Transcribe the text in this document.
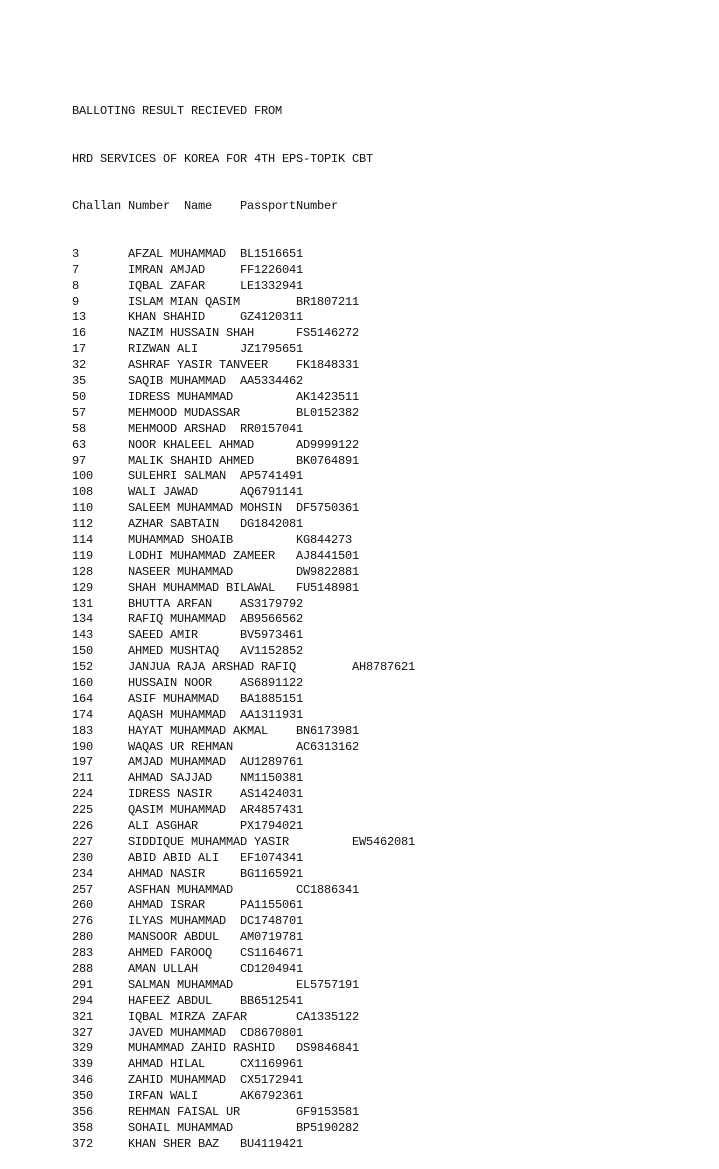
BALLOTING RESULT RECIEVED FROM

HRD SERVICES OF KOREA FOR 4TH EPS-TOPIK CBT

Challan Number  Name    PassportNumber

3       AFZAL MUHAMMAD  BL1516651
7       IMRAN AMJAD     FF1226041
8       IQBAL ZAFAR     LE1332941
9       ISLAM MIAN QASIM        BR1807211
13      KHAN SHAHID     GZ4120311
16      NAZIM HUSSAIN SHAH      FS5146272
17      RIZWAN ALI      JZ1795651
32      ASHRAF YASIR TANVEER    FK1848331
35      SAQIB MUHAMMAD  AA5334462
50      IDRESS MUHAMMAD         AK1423511
57      MEHMOOD MUDASSAR        BL0152382
58      MEHMOOD ARSHAD  RR0157041
63      NOOR KHALEEL AHMAD      AD9999122
97      MALIK SHAHID AHMED      BK0764891
100     SULEHRI SALMAN  AP5741491
108     WALI JAWAD      AQ6791141
110     SALEEM MUHAMMAD MOHSIN  DF5750361
112     AZHAR SABTAIN   DG1842081
114     MUHAMMAD SHOAIB         KG844273
119     LODHI MUHAMMAD ZAMEER   AJ8441501
128     NASEER MUHAMMAD         DW9822881
129     SHAH MUHAMMAD BILAWAL   FU5148981
131     BHUTTA ARFAN    AS3179792
134     RAFIQ MUHAMMAD  AB9566562
143     SAEED AMIR      BV5973461
150     AHMED MUSHTAQ   AV1152852
152     JANJUA RAJA ARSHAD RAFIQ        AH8787621
160     HUSSAIN NOOR    AS6891122
164     ASIF MUHAMMAD   BA1885151
174     AQASH MUHAMMAD  AA1311931
183     HAYAT MUHAMMAD AKMAL    BN6173981
190     WAQAS UR REHMAN         AC6313162
197     AMJAD MUHAMMAD  AU1289761
211     AHMAD SAJJAD    NM1150381
224     IDRESS NASIR    AS1424031
225     QASIM MUHAMMAD  AR4857431
226     ALI ASGHAR      PX1794021
227     SIDDIQUE MUHAMMAD YASIR         EW5462081
230     ABID ABID ALI   EF1074341
234     AHMAD NASIR     BG1165921
257     ASFHAN MUHAMMAD         CC1886341
260     AHMAD ISRAR     PA1155061
276     ILYAS MUHAMMAD  DC1748701
280     MANSOOR ABDUL   AM0719781
283     AHMED FAROOQ    CS1164671
288     AMAN ULLAH      CD1204941
291     SALMAN MUHAMMAD         EL5757191
294     HAFEEZ ABDUL    BB6512541
321     IQBAL MIRZA ZAFAR       CA1335122
327     JAVED MUHAMMAD  CD8670801
329     MUHAMMAD ZAHID RASHID   DS9846841
339     AHMAD HILAL     CX1169961
346     ZAHID MUHAMMAD  CX5172941
350     IRFAN WALI      AK6792361
356     REHMAN FAISAL UR        GF9153581
358     SOHAIL MUHAMMAD         BP5190282
372     KHAN SHER BAZ   BU4119421
